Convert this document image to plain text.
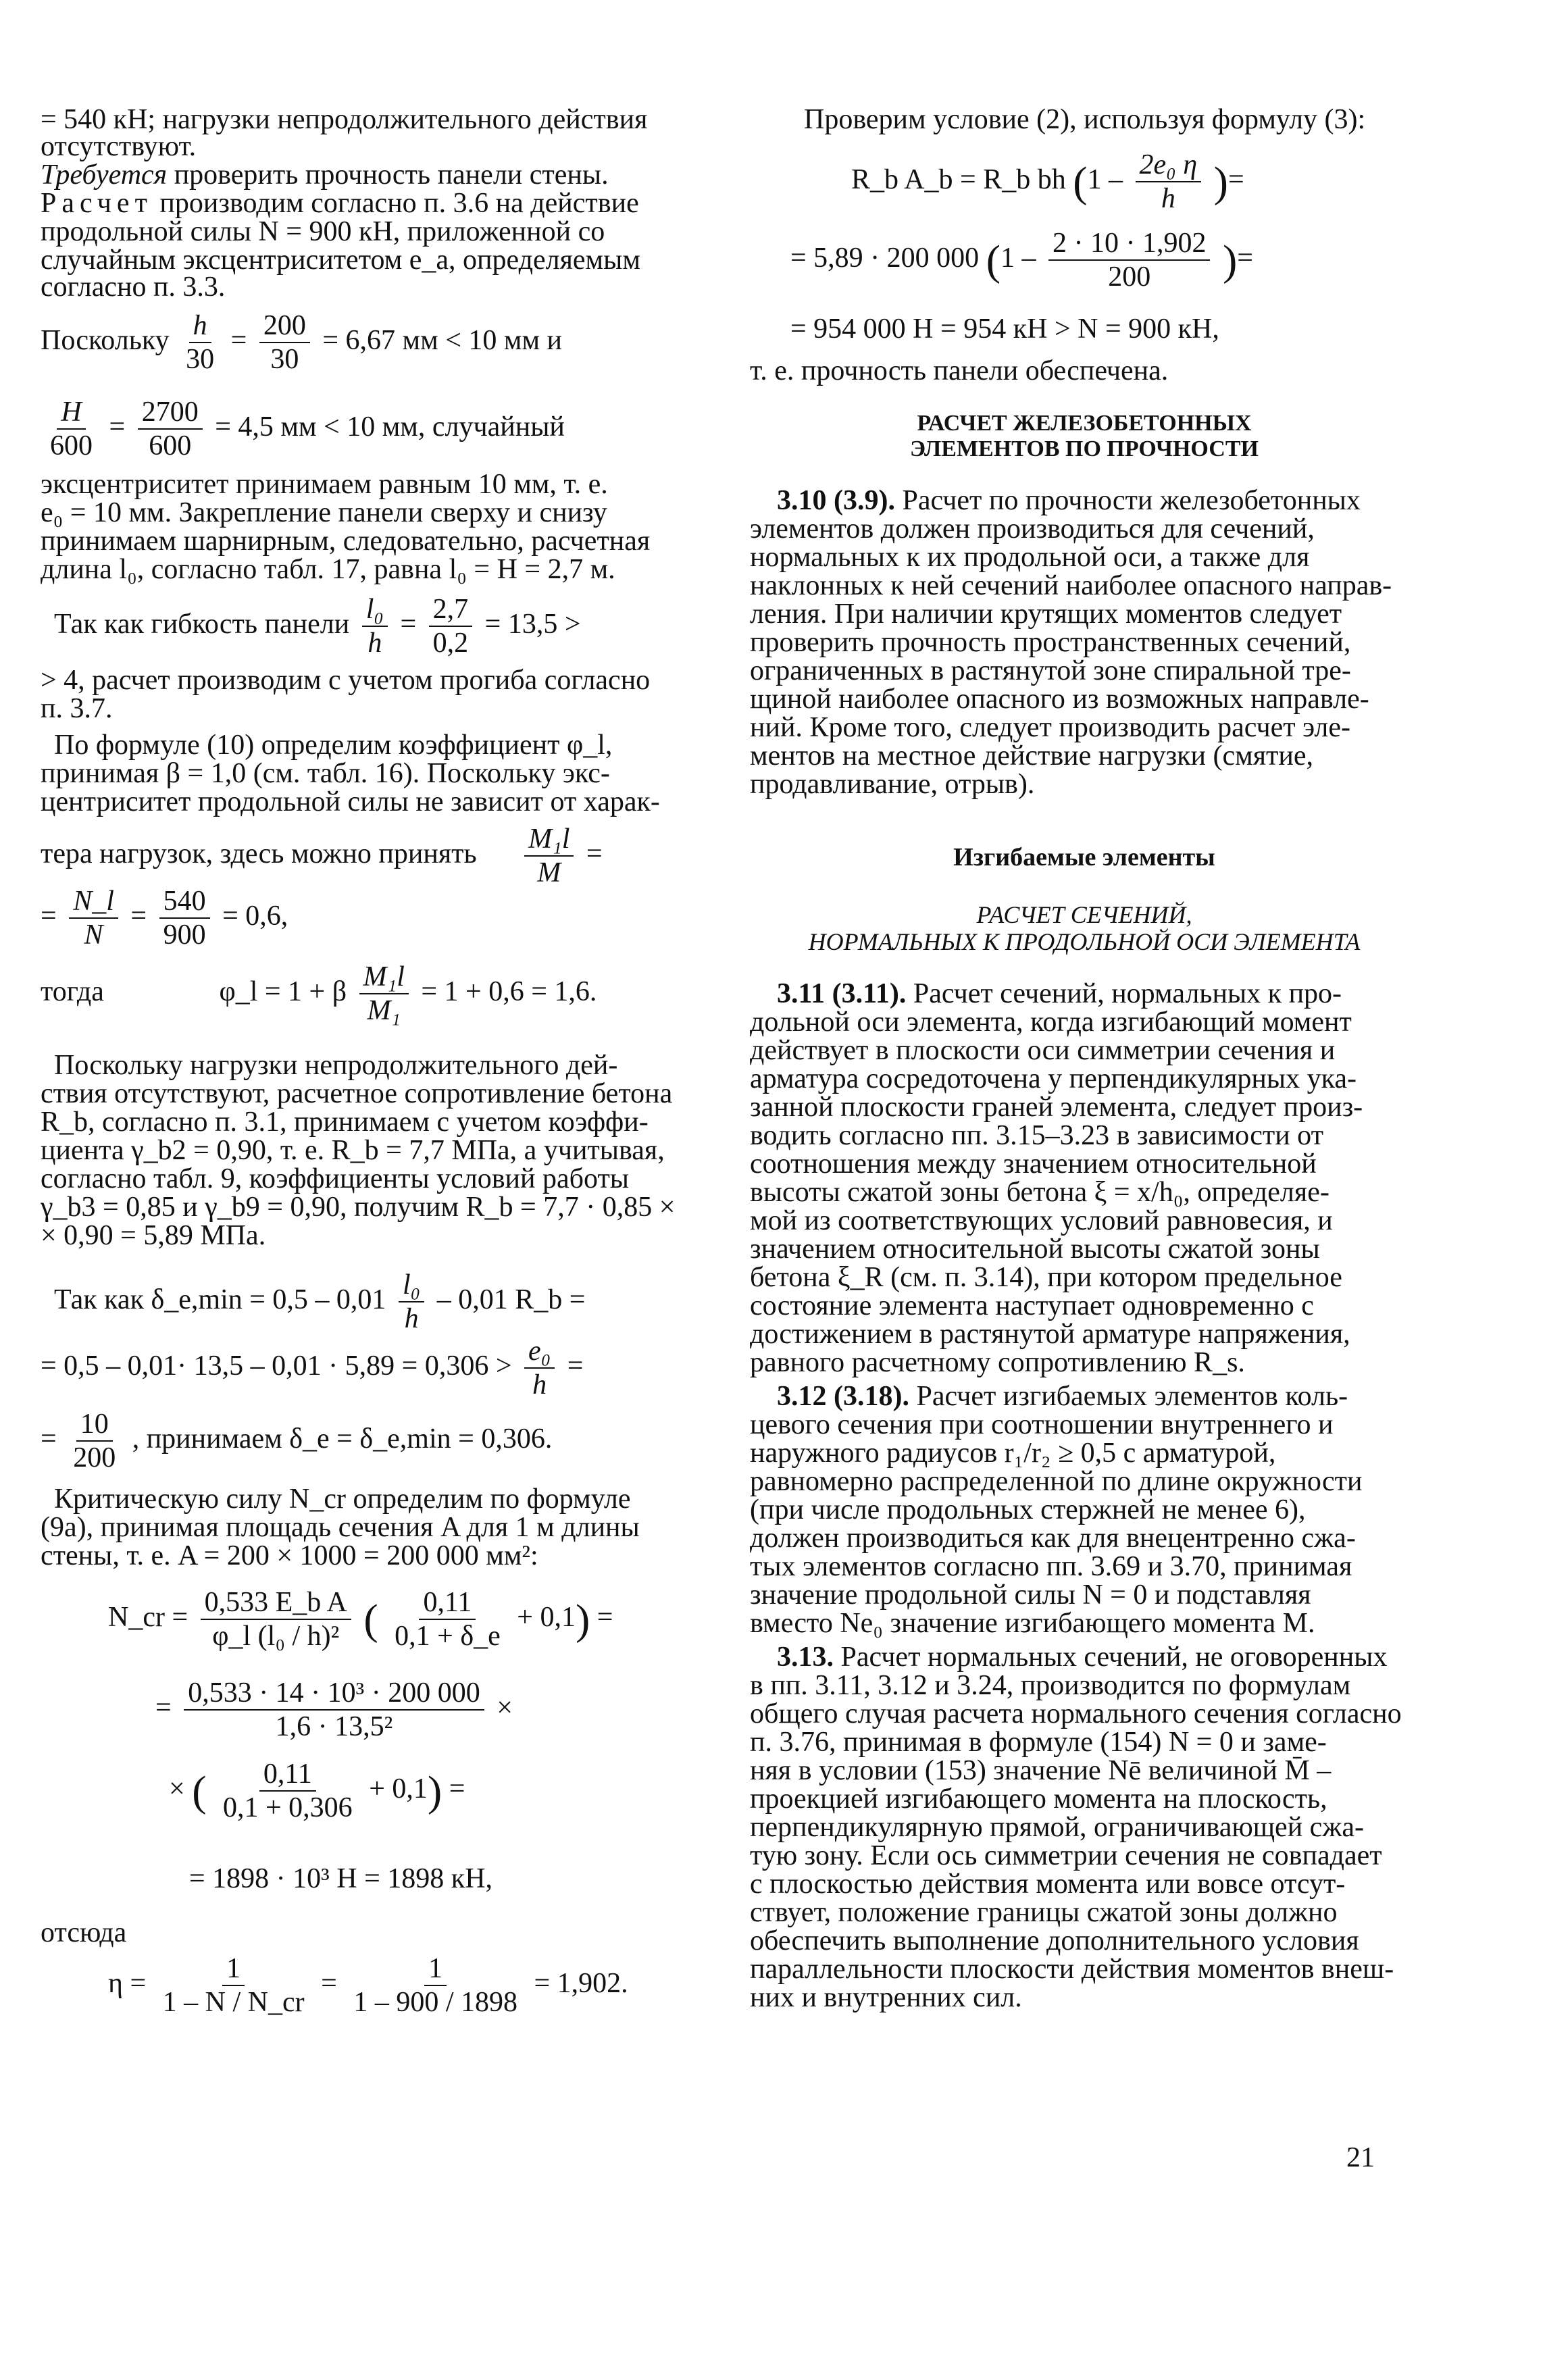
= 540 кН; нагрузки непродолжительного действия
отсутствуют.
Требуется проверить прочность панели стены.
Расчет производим согласно п. 3.6 на действие
продольной силы N = 900 кН, приложенной со
случайным эксцентриситетом e_a, определяемым
согласно п. 3.3.
Поскольку $\frac{h}{30} = \frac{200}{30} = 6,67$ мм < 10 мм и
$\frac{H}{600} = \frac{2700}{600} = 4,5$ мм < 10 мм, случайный
эксцентриситет принимаем равным 10 мм, т. е.
e₀ = 10 мм. Закрепление панели сверху и снизу
принимаем шарнирным, следовательно, расчетная
длина l₀, согласно табл. 17, равна l₀ = H = 2,7 м.
Так как гибкость панели $\frac{\text{l₀}}{h} = \frac{2,7}{0,2} = 13,5$ >
> 4, расчет производим с учетом прогиба согласно
п. 3.7.
По формуле (10) определим коэффициент φ_l,
принимая β = 1,0 (см. табл. 16). Поскольку экс-
центриситет продольной силы не зависит от харак-
тера нагрузок, здесь можно принять $\frac{\text{M₁l}}{M}$ =
= $\frac{N\_l}{N} = \frac{540}{900} = 0,6$,
тогда	φ_l = 1 + β $\frac{\text{M₁l}}{\text{M₁}} = 1 + 0,6 = 1,6$.
Поскольку нагрузки непродолжительного дей-
ствия отсутствуют, расчетное сопротивление бетона
R_b, согласно п. 3.1, принимаем с учетом коэффи-
циента γ_b2 = 0,90, т. е. R_b = 7,7 МПа, а учитывая,
согласно табл. 9, коэффициенты условий работы
γ_b3 = 0,85 и γ_b9 = 0,90, получим R_b = 7,7 · 0,85 ×
× 0,90 = 5,89 МПа.
Так как δ_e,min = $0,5 - 0,01 \frac{\text{l₀}}{h} - 0,01$ R_b =
= $0,5 - 0,01\cdot 13,5 - 0,01 \cdot 5,89 = 0,306 > \frac{\text{e₀}}{h}$ =
= $\frac{10}{200}$ , принимаем δ_e = δ_e,min = 0,306.
Критическую силу N_cr определим по формуле
(9а), принимая площадь сечения A для 1 м длины
стены, т. е. A = 200 × 1000 = 200 000 мм²:
N_cr = $\frac{\text{0,533 E\_b A}}{\text{φ\_l (l₀ / h)²}}$ ( $\frac{0,11}{0,1 + \delta\_e} + 0,1$) =
= $\frac{\text{0,533 · 14 · 10³ · 200 000}}{\text{1,6 · 13,5²}}$ ×
× ( $\frac{0,11}{0,1 + 0,306} + 0,1$) =
= 1898 · 10³ Н = 1898 кН,
отсюда
$\eta = \frac{1}{1 - N / N\_cr} = \frac{1}{1 - 900 / 1898} = 1,902$.
Проверим условие (2), используя формулу (3):
R_b A_b = R_b bh ($1 - \frac{\text{2e₀ η}}{h}$ )=
= 5,89 · 200 000 ($1 - \frac{2 \cdot 10 \cdot 1,902}{200}$ )=
= 954 000 Н = 954 кН > N = 900 кН,
т. е. прочность панели обеспечена.
РАСЧЕТ ЖЕЛЕЗОБЕТОННЫХ
ЭЛЕМЕНТОВ ПО ПРОЧНОСТИ
3.10 (3.9). Расчет по прочности железобетонных
элементов должен производиться для сечений,
нормальных к их продольной оси, а также для
наклонных к ней сечений наиболее опасного направ-
ления. При наличии крутящих моментов следует
проверить прочность пространственных сечений,
ограниченных в растянутой зоне спиральной тре-
щиной наиболее опасного из возможных направле-
ний. Кроме того, следует производить расчет эле-
ментов на местное действие нагрузки (смятие,
продавливание, отрыв).
Изгибаемые элементы
РАСЧЕТ СЕЧЕНИЙ,
НОРМАЛЬНЫХ К ПРОДОЛЬНОЙ ОСИ ЭЛЕМЕНТА
3.11 (3.11). Расчет сечений, нормальных к про-
дольной оси элемента, когда изгибающий момент
действует в плоскости оси симметрии сечения и
арматура сосредоточена у перпендикулярных ука-
занной плоскости граней элемента, следует произ-
водить согласно пп. 3.15–3.23 в зависимости от
соотношения между значением относительной
высоты сжатой зоны бетона ξ = x/h₀, определяе-
мой из соответствующих условий равновесия, и
значением относительной высоты сжатой зоны
бетона ξ_R (см. п. 3.14), при котором предельное
состояние элемента наступает одновременно с
достижением в растянутой арматуре напряжения,
равного расчетному сопротивлению R_s.
3.12 (3.18). Расчет изгибаемых элементов коль-
цевого сечения при соотношении внутреннего и
наружного радиусов r₁/r₂ ≥ 0,5 с арматурой,
равномерно распределенной по длине окружности
(при числе продольных стержней не менее 6),
должен производиться как для внецентренно сжа-
тых элементов согласно пп. 3.69 и 3.70, принимая
значение продольной силы N = 0 и подставляя
вместо Ne₀ значение изгибающего момента M.
3.13. Расчет нормальных сечений, не оговоренных
в пп. 3.11, 3.12 и 3.24, производится по формулам
общего случая расчета нормального сечения согласно
п. 3.76, принимая в формуле (154) N = 0 и заме-
няя в условии (153) значение Nē величиной M̄ –
проекцией изгибающего момента на плоскость,
перпендикулярную прямой, ограничивающей сжа-
тую зону. Если ось симметрии сечения не совпадает
с плоскостью действия момента или вовсе отсут-
ствует, положение границы сжатой зоны должно
обеспечить выполнение дополнительного условия
параллельности плоскости действия моментов внеш-
них и внутренних сил.
21
